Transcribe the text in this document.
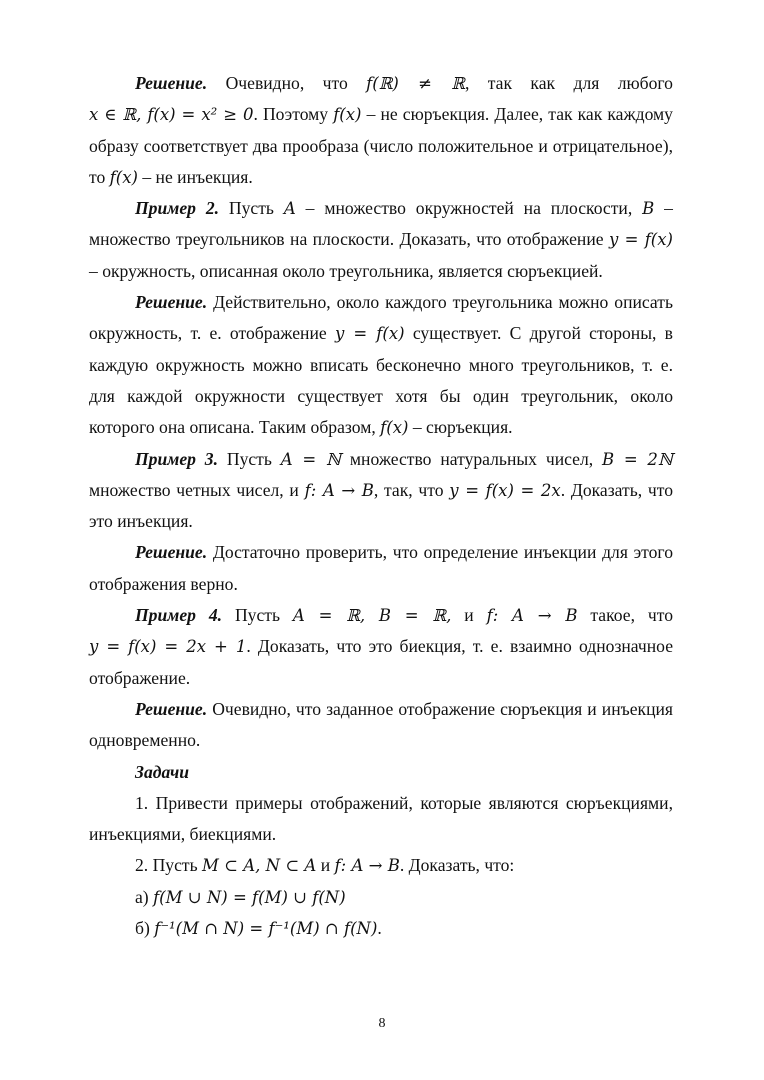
Решение. Очевидно, что f(ℝ) ≠ ℝ, так как для любого x ∈ ℝ, f(x) = x² ≥ 0. Поэтому f(x) – не сюръекция. Далее, так как каждому образу соответствует два прообраза (число положительное и отрицательное), то f(x) – не инъекция.

Пример 2. Пусть A – множество окружностей на плоскости, B – множество треугольников на плоскости. Доказать, что отображение y = f(x) – окружность, описанная около треугольника, является сюръекцией.

Решение. Действительно, около каждого треугольника можно описать окружность, т. е. отображение y = f(x) существует. С другой стороны, в каждую окружность можно вписать бесконечно много треугольников, т. е. для каждой окружности существует хотя бы один треугольник, около которого она описана. Таким образом, f(x) – сюръекция.

Пример 3. Пусть A = ℕ множество натуральных чисел, B = 2ℕ множество четных чисел, и f: A → B, так, что y = f(x) = 2x. Доказать, что это инъекция.

Решение. Достаточно проверить, что определение инъекции для этого отображения верно.

Пример 4. Пусть A = ℝ, B = ℝ, и f: A → B такое, что y = f(x) = 2x + 1. Доказать, что это биекция, т. е. взаимно однозначное отображение.

Решение. Очевидно, что заданное отображение сюръекция и инъекция одновременно.

Задачи

1. Привести примеры отображений, которые являются сюръекциями, инъекциями, биекциями.

2. Пусть M ⊂ A, N ⊂ A и f: A → B. Доказать, что:

а) f(M ∪ N) = f(M) ∪ f(N)

б) f⁻¹(M ∩ N) = f⁻¹(M) ∩ f(N).

8
